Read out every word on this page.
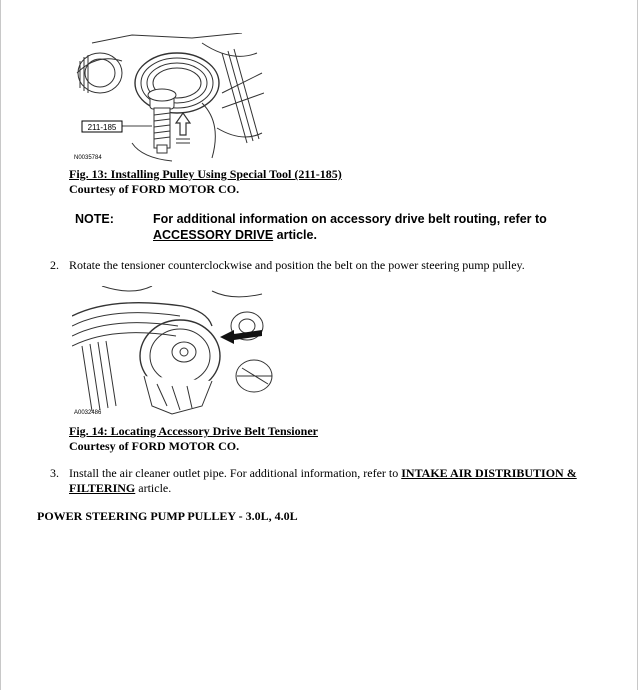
211-185
N0035784
Fig. 13: Installing Pulley Using Special Tool (211-185)
Courtesy of FORD MOTOR CO.
NOTE:	For additional information on accessory drive belt routing, refer to ACCESSORY DRIVE article.
2. Rotate the tensioner counterclockwise and position the belt on the power steering pump pulley.
A0032486
Fig. 14: Locating Accessory Drive Belt Tensioner
Courtesy of FORD MOTOR CO.
3. Install the air cleaner outlet pipe. For additional information, refer to INTAKE AIR DISTRIBUTION &
FILTERING article.
POWER STEERING PUMP PULLEY - 3.0L, 4.0L
